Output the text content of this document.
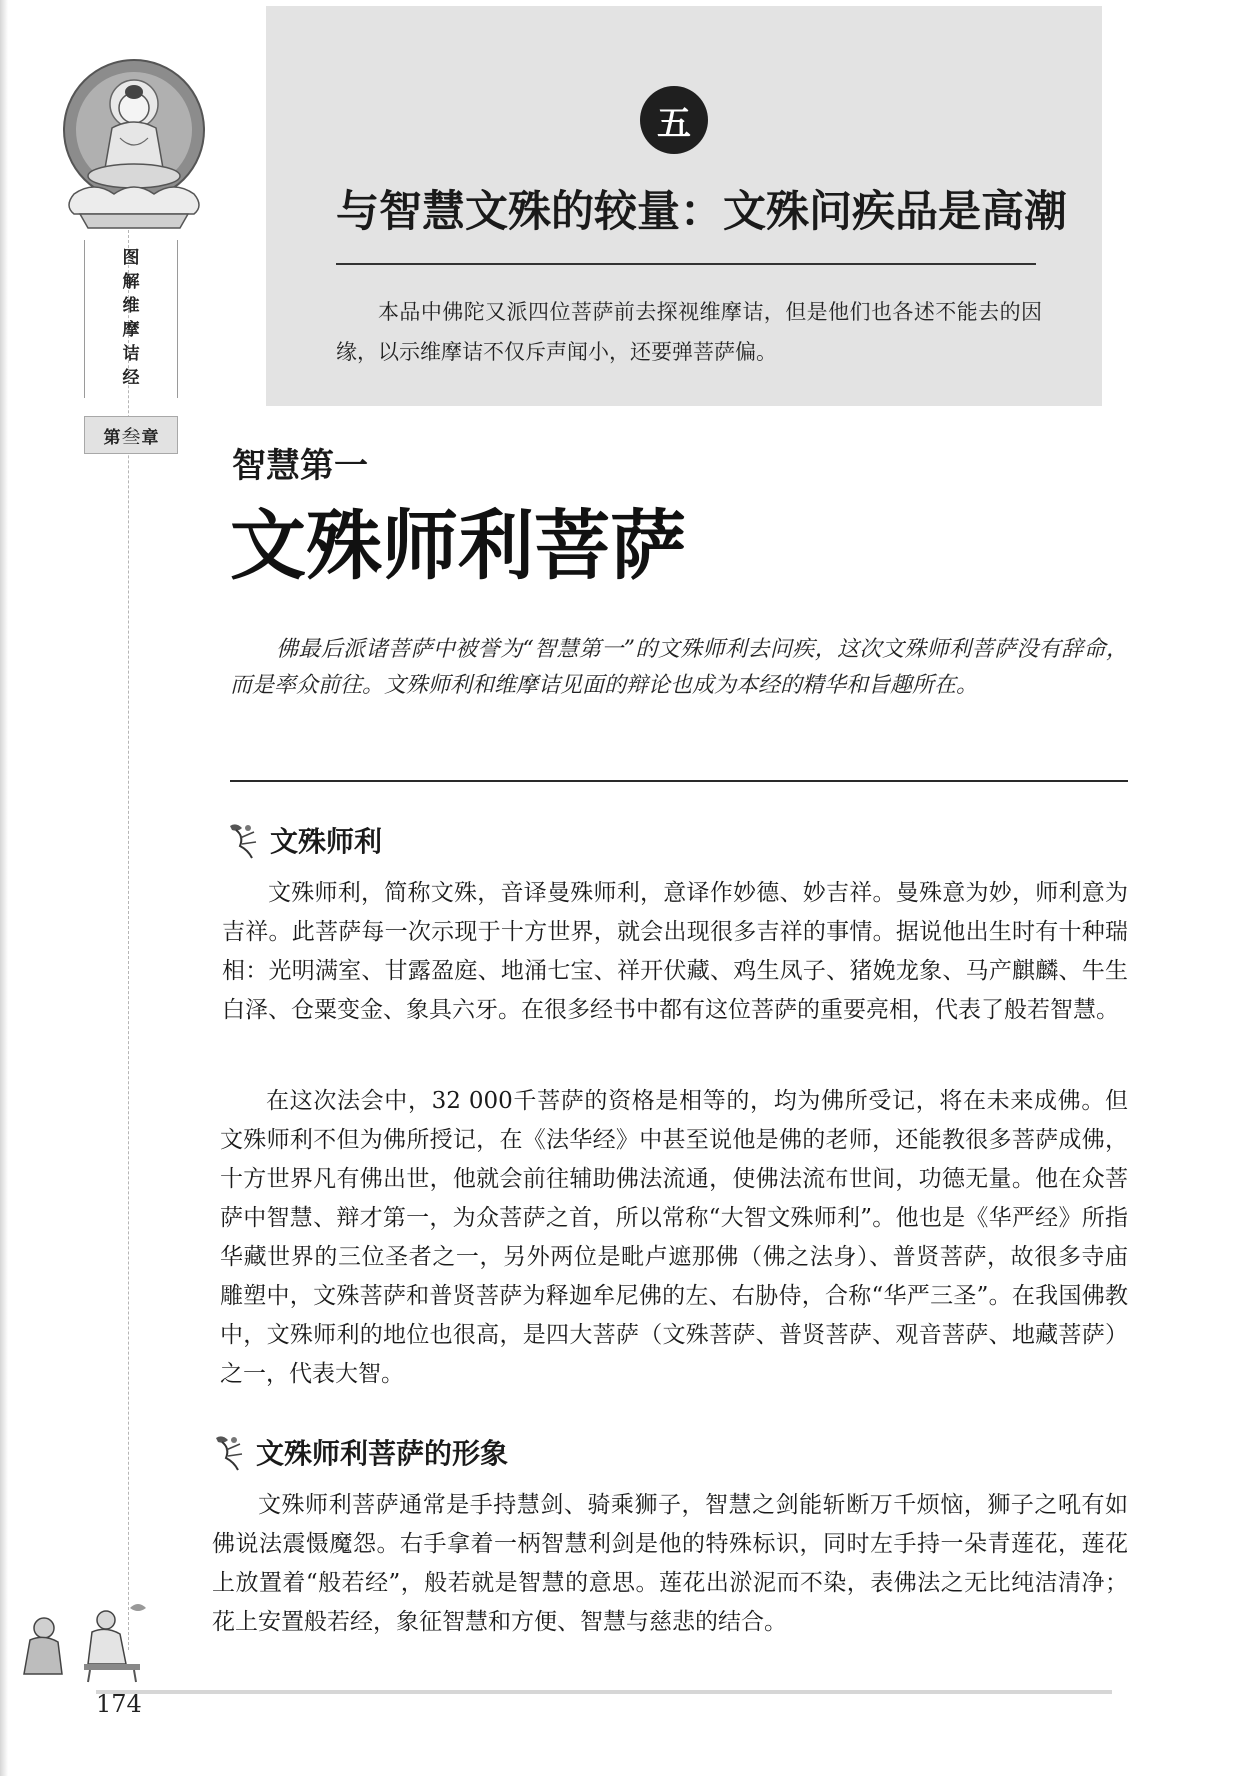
图
解
维
摩
诘
经
第 叁 章
五
与智慧文殊的较量：文殊问疾品是高潮
本品中佛陀又派四位菩萨前去探视维摩诘，但是他们也各述不能去的因缘，以示维摩诘不仅斥声闻小，还要弹菩萨偏。
智慧第一
文殊师利菩萨
佛最后派诸菩萨中被誉为“智慧第一”的文殊师利去问疾，这次文殊师利菩萨没有辞命，而是率众前往。文殊师利和维摩诘见面的辩论也成为本经的精华和旨趣所在。
文殊师利

文殊师利，简称文殊，音译曼殊师利，意译作妙德、妙吉祥。曼殊意为妙，师利意为吉祥。此菩萨每一次示现于十方世界，就会出现很多吉祥的事情。据说他出生时有十种瑞相：光明满室、甘露盈庭、地涌七宝、祥开伏藏、鸡生凤子、猪娩龙象、马产麒麟、牛生白泽、仓粟变金、象具六牙。在很多经书中都有这位菩萨的重要亮相，代表了般若智慧。

在这次法会中，32 000千菩萨的资格是相等的，均为佛所受记，将在未来成佛。但文殊师利不但为佛所授记，在《法华经》中甚至说他是佛的老师，还能教很多菩萨成佛，十方世界凡有佛出世，他就会前往辅助佛法流通，使佛法流布世间，功德无量。他在众菩萨中智慧、辩才第一，为众菩萨之首，所以常称“大智文殊师利”。他也是《华严经》所指华藏世界的三位圣者之一，另外两位是毗卢遮那佛（佛之法身）、普贤菩萨，故很多寺庙雕塑中，文殊菩萨和普贤菩萨为释迦牟尼佛的左、右胁侍，合称“华严三圣”。在我国佛教中，文殊师利的地位也很高，是四大菩萨（文殊菩萨、普贤菩萨、观音菩萨、地藏菩萨）之一，代表大智。

文殊师利菩萨的形象

文殊师利菩萨通常是手持慧剑、骑乘狮子，智慧之剑能斩断万千烦恼，狮子之吼有如佛说法震慑魔怨。右手拿着一柄智慧利剑是他的特殊标识，同时左手持一朵青莲花，莲花上放置着“般若经”，般若就是智慧的意思。莲花出淤泥而不染，表佛法之无比纯洁清净；花上安置般若经，象征智慧和方便、智慧与慈悲的结合。

174
